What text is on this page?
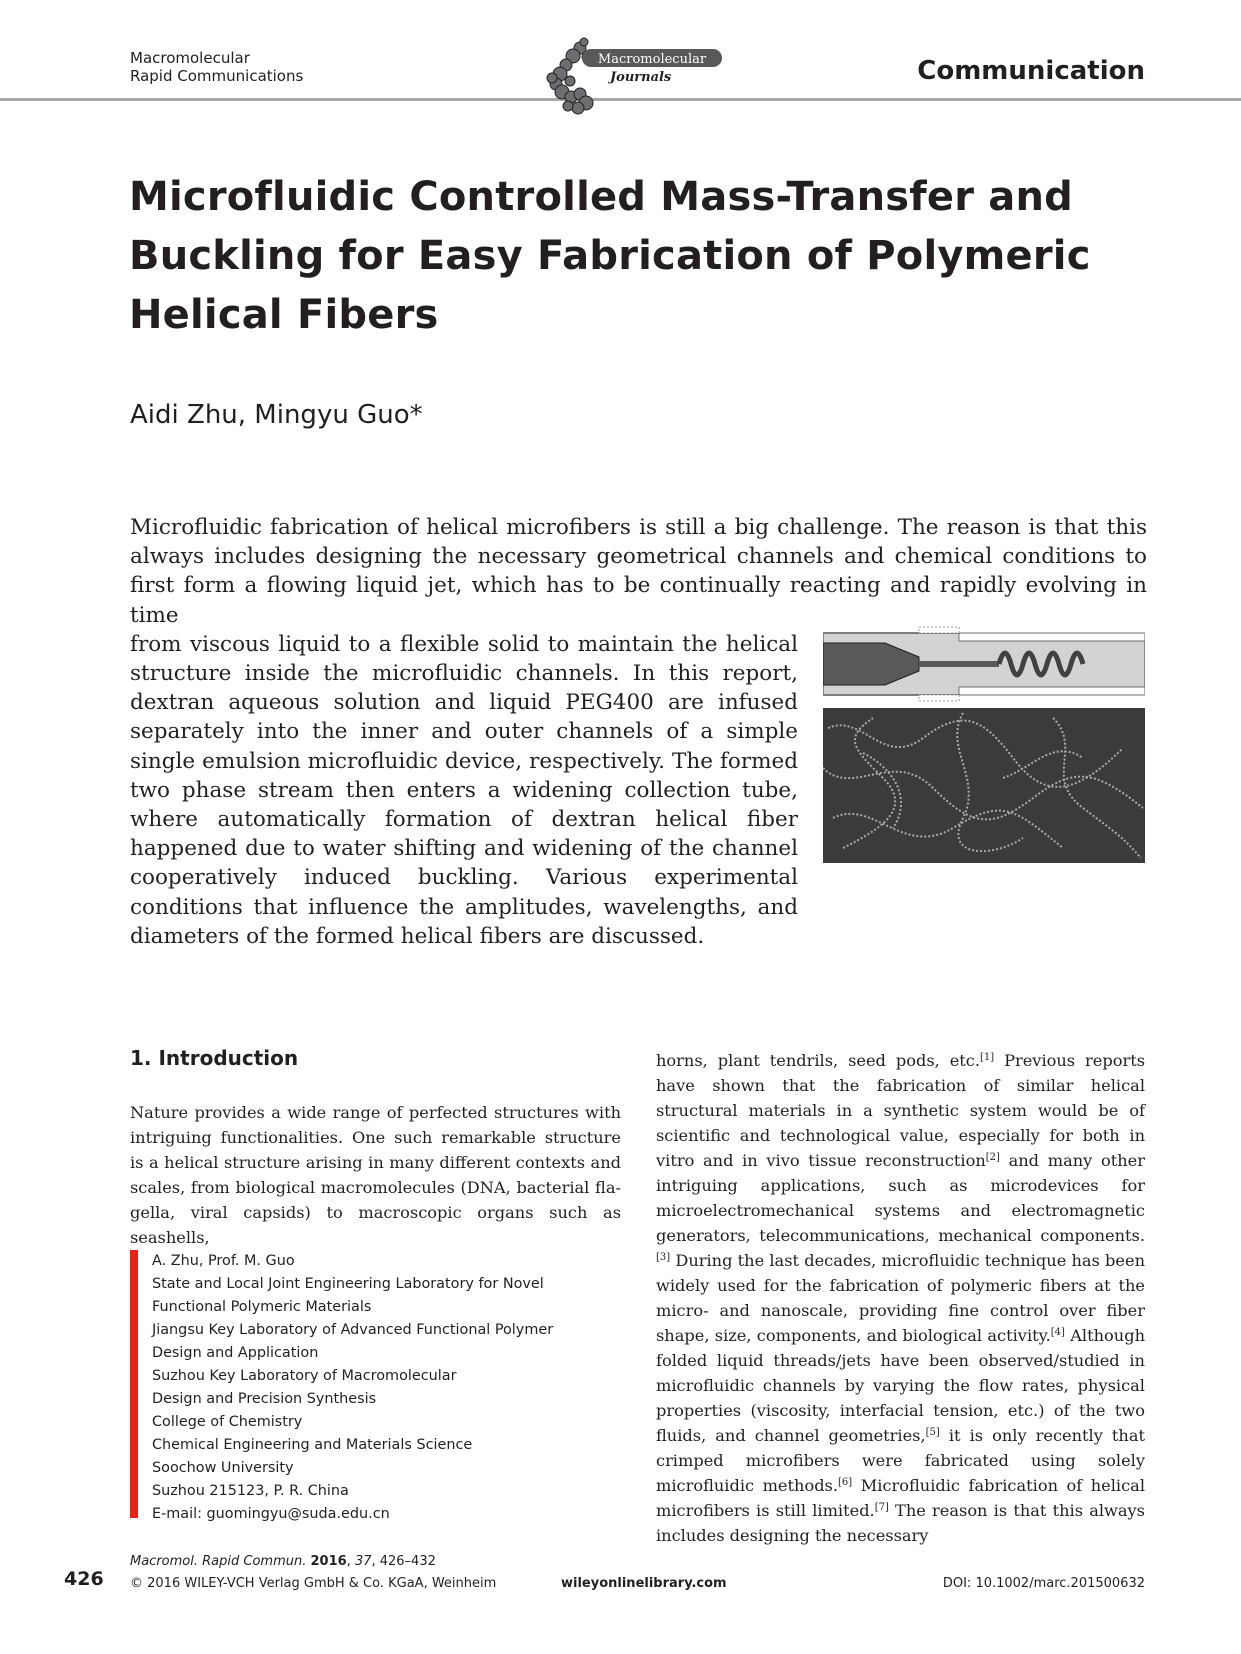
Macromolecular
Rapid Communications
Macromolecular
Journals	Communication
Microfluidic Controlled Mass-Transfer and
Buckling for Easy Fabrication of Polymeric
Helical Fibers
Aidi Zhu, Mingyu Guo*
Microfluidic fabrication of helical microfibers is still a big challenge. The reason is that this always includes designing the necessary geometrical channels and chemical conditions to first form a flowing liquid jet, which has to be continually reacting and rapidly evolving in time
from viscous liquid to a flexible solid to maintain the helical structure inside the microfluidic channels. In this report, dextran aqueous solution and liquid PEG400 are infused separately into the inner and outer channels of a simple single emulsion microfluidic device, respectively. The formed two phase stream then enters a widening collection tube, where automatically formation of dextran helical fiber happened due to water shifting and widening of the channel cooperatively induced buckling. Various experimental conditions that influence the amplitudes, wavelengths, and diameters of the formed helical fibers are discussed.
1. Introduction
Nature provides a wide range of perfected structures with intriguing functionalities. One such remarkable structure is a helical structure arising in many different contexts and scales, from biological macromolecules (DNA, bacterial flagella, viral capsids) to macroscopic organs such as seashells,
A. Zhu, Prof. M. Guo
State and Local Joint Engineering Laboratory for Novel
Functional Polymeric Materials
Jiangsu Key Laboratory of Advanced Functional Polymer
Design and Application
Suzhou Key Laboratory of Macromolecular
Design and Precision Synthesis
College of Chemistry
Chemical Engineering and Materials Science
Soochow University
Suzhou 215123, P. R. China
E-mail: guomingyu@suda.edu.cn
horns, plant tendrils, seed pods, etc.[1] Previous reports have shown that the fabrication of similar helical structural materials in a synthetic system would be of scientific and technological value, especially for both in vitro and in vivo tissue reconstruction[2] and many other intriguing applications, such as microdevices for microelectromechanical systems and electromagnetic generators, telecommunications, mechanical components.[3] During the last decades, microfluidic technique has been widely used for the fabrication of polymeric fibers at the micro- and nanoscale, providing fine control over fiber shape, size, components, and biological activity.[4] Although folded liquid threads/jets have been observed/studied in microfluidic channels by varying the flow rates, physical properties (viscosity, interfacial tension, etc.) of the two fluids, and channel geometries,[5] it is only recently that crimped microfibers were fabricated using solely microfluidic methods.[6] Microfluidic fabrication of helical microfibers is still limited.[7] The reason is that this always includes designing the necessary
426
Macromol. Rapid Commun. 2016, 37, 426–432
© 2016 WILEY-VCH Verlag GmbH & Co. KGaA, Weinheim	wileyonlinelibrary.com	DOI: 10.1002/marc.201500632
